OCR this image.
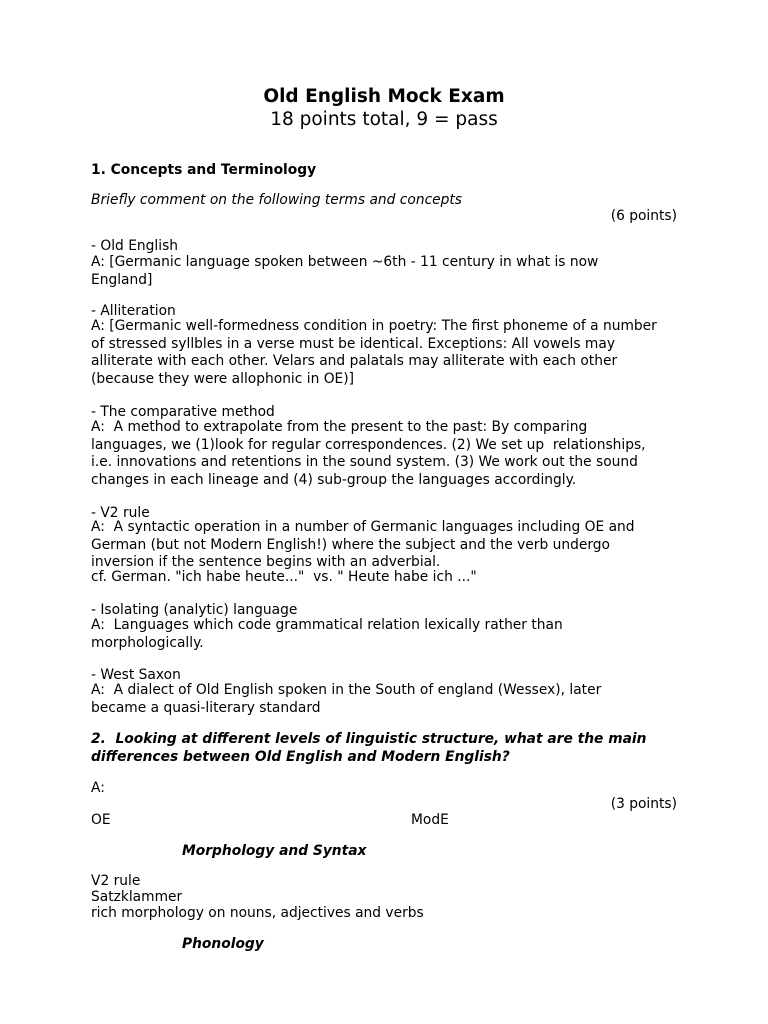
Old English Mock Exam
18 points total, 9 = pass
1. Concepts and Terminology
Briefly comment on the following terms and concepts
(6 points)
- Old English
A: [Germanic language spoken between ~6th - 11 century in what is now
England]
- Alliteration
A: [Germanic well-formedness condition in poetry: The first phoneme of a number
of stressed syllbles in a verse must be identical. Exceptions: All vowels may
alliterate with each other. Velars and palatals may alliterate with each other
(because they were allophonic in OE)]
- The comparative method
A:  A method to extrapolate from the present to the past: By comparing
languages, we (1)look for regular correspondences. (2) We set up  relationships,
i.e. innovations and retentions in the sound system. (3) We work out the sound
changes in each lineage and (4) sub-group the languages accordingly.
- V2 rule
A:  A syntactic operation in a number of Germanic languages including OE and
German (but not Modern English!) where the subject and the verb undergo
inversion if the sentence begins with an adverbial.
cf. German. "ich habe heute..."  vs. " Heute habe ich ..."
- Isolating (analytic) language
A:  Languages which code grammatical relation lexically rather than
morphologically.
- West Saxon
A:  A dialect of Old English spoken in the South of england (Wessex), later
became a quasi-literary standard
2.  Looking at different levels of linguistic structure, what are the main
differences between Old English and Modern English?
A:
(3 points)
OE	ModE
Morphology and Syntax
V2 rule
Satzklammer
rich morphology on nouns, adjectives and verbs
Phonology
